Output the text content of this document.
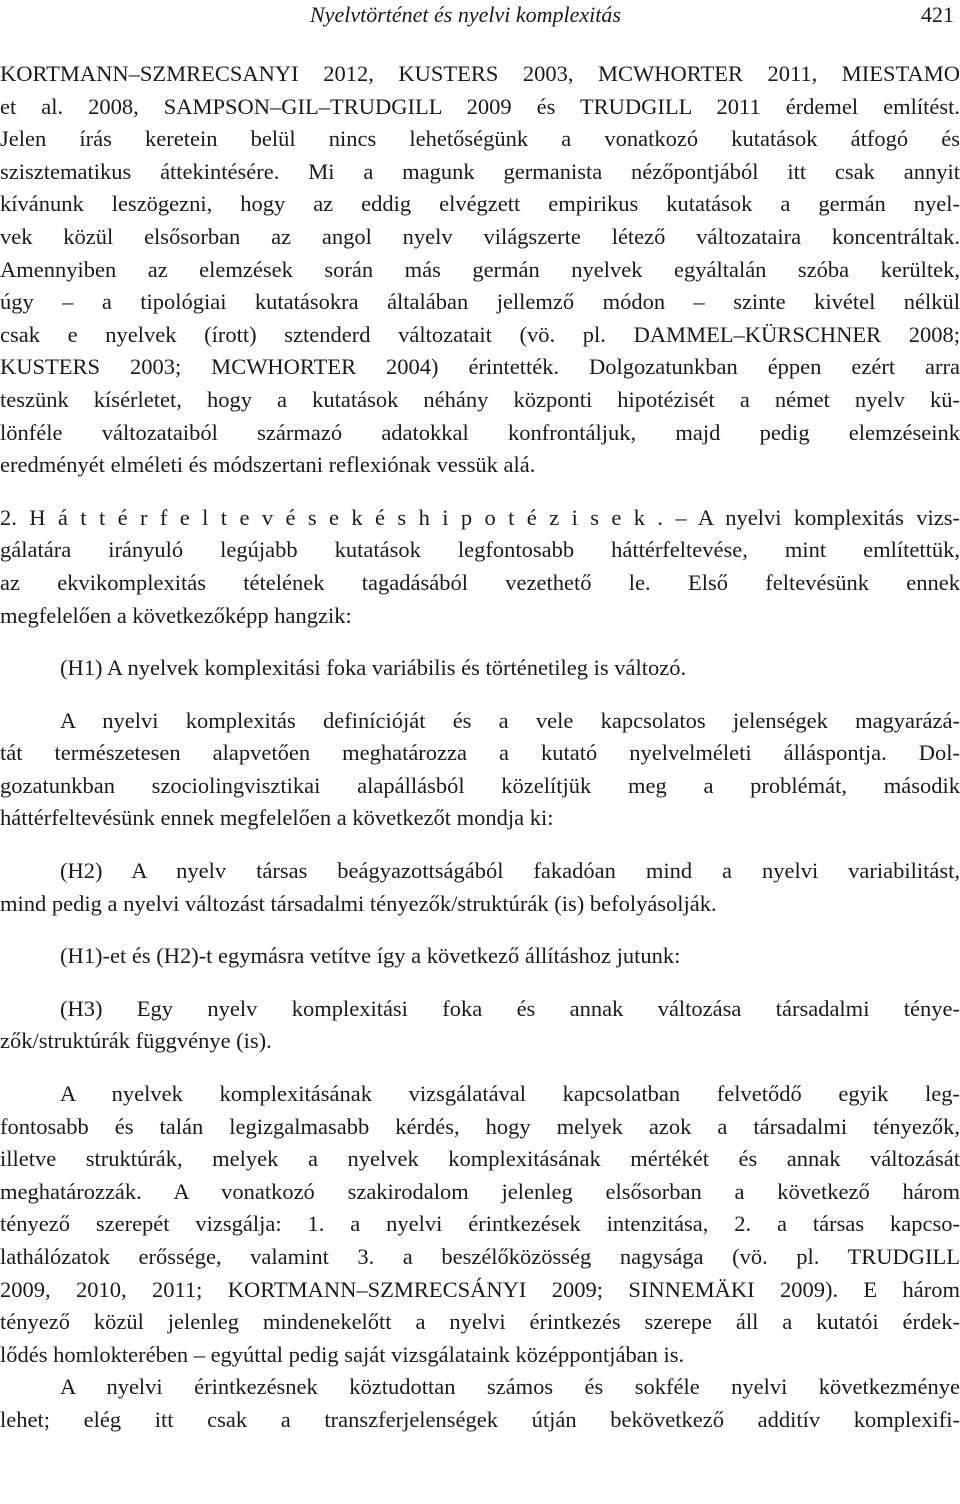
Nyelvtörténet és nyelvi komplexitás	421
KORTMANN–SZMRECSANYI 2012, KUSTERS 2003, MCWHORTER 2011, MIESTAMO
et al. 2008, SAMPSON–GIL–TRUDGILL 2009 és TRUDGILL 2011 érdemel említést.
Jelen írás keretein belül nincs lehetőségünk a vonatkozó kutatások átfogó és
szisztematikus áttekintésére. Mi a magunk germanista nézőpontjából itt csak annyit
kívánunk leszögezni, hogy az eddig elvégzett empirikus kutatások a germán nyel-
vek közül elsősorban az angol nyelv világszerte létező változataira koncentráltak.
Amennyiben az elemzések során más germán nyelvek egyáltalán szóba kerültek,
úgy – a tipológiai kutatásokra általában jellemző módon – szinte kivétel nélkül
csak e nyelvek (írott) sztenderd változatait (vö. pl. DAMMEL–KÜRSCHNER 2008;
KUSTERS 2003; MCWHORTER 2004) érintették. Dolgozatunkban éppen ezért arra
teszünk kísérletet, hogy a kutatások néhány központi hipotézisét a német nyelv kü-
lönféle változataiból származó adatokkal konfrontáljuk, majd pedig elemzéseink
eredményét elméleti és módszertani reflexiónak vessük alá.
2. H á t t é r f e l t e v é s e k é s h i p o t é z i s e k . – A nyelvi komplexitás vizs-
gálatára irányuló legújabb kutatások legfontosabb háttérfeltevése, mint említettük,
az ekvikomplexitás tételének tagadásából vezethető le. Első feltevésünk ennek
megfelelően a következőképp hangzik:
(H1) A nyelvek komplexitási foka variábilis és történetileg is változó.
A nyelvi komplexitás definícióját és a vele kapcsolatos jelenségek magyarázá-
tát természetesen alapvetően meghatározza a kutató nyelvelméleti álláspontja. Dol-
gozatunkban szociolingvisztikai alapállásból közelítjük meg a problémát, második
háttérfeltevésünk ennek megfelelően a következőt mondja ki:
(H2) A nyelv társas beágyazottságából fakadóan mind a nyelvi variabilitást,
mind pedig a nyelvi változást társadalmi tényezők/struktúrák (is) befolyásolják.
(H1)-et és (H2)-t egymásra vetítve így a következő állításhoz jutunk:
(H3) Egy nyelv komplexitási foka és annak változása társadalmi ténye-
zők/struktúrák függvénye (is).
A nyelvek komplexitásának vizsgálatával kapcsolatban felvetődő egyik leg-
fontosabb és talán legizgalmasabb kérdés, hogy melyek azok a társadalmi tényezők,
illetve struktúrák, melyek a nyelvek komplexitásának mértékét és annak változását
meghatározzák. A vonatkozó szakirodalom jelenleg elsősorban a következő három
tényező szerepét vizsgálja: 1. a nyelvi érintkezések intenzitása, 2. a társas kapcso-
lathálózatok erőssége, valamint 3. a beszélőközösség nagysága (vö. pl. TRUDGILL
2009, 2010, 2011; KORTMANN–SZMRECSÁNYI 2009; SINNEMÄKI 2009). E három
tényező közül jelenleg mindenekelőtt a nyelvi érintkezés szerepe áll a kutatói érdek-
lődés homlokterében – egyúttal pedig saját vizsgálataink középpontjában is.
A nyelvi érintkezésnek köztudottan számos és sokféle nyelvi következménye
lehet; elég itt csak a transzferjelenségek útján bekövetkező additív komplexifi-
